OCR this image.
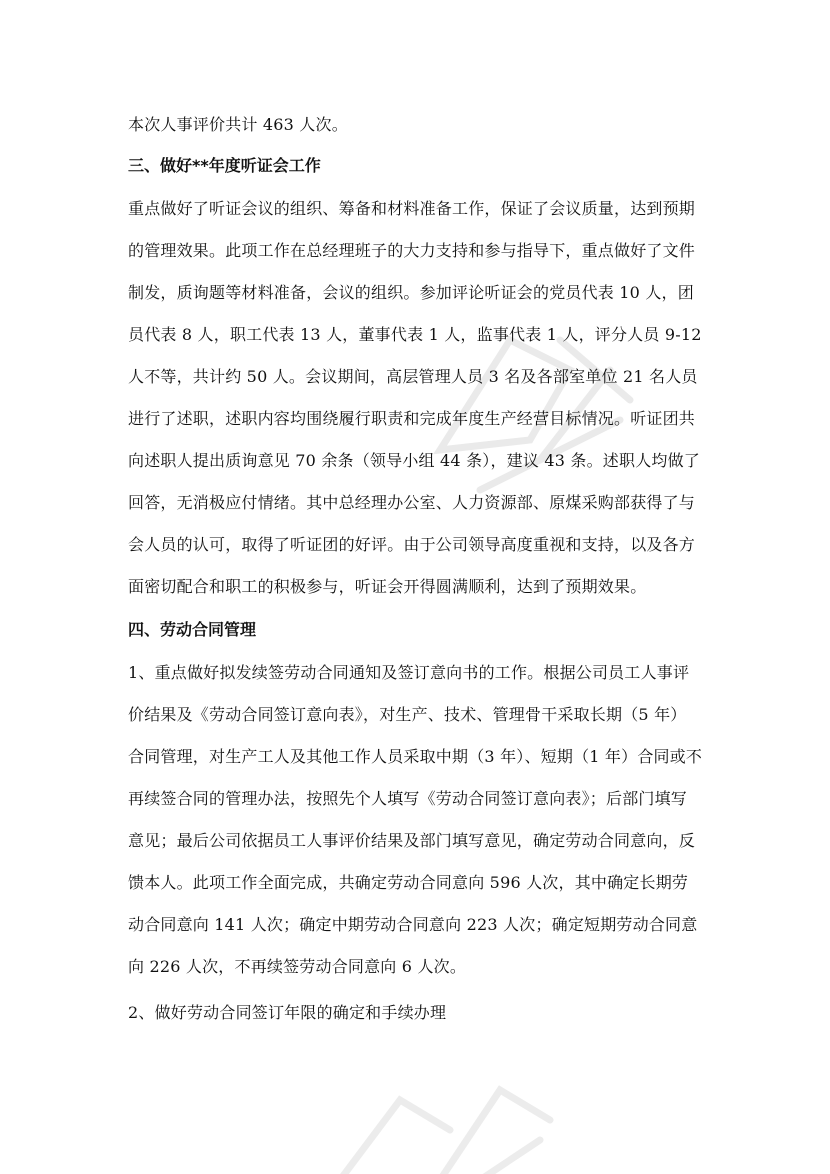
本次人事评价共计 463 人次。
三、做好**年度听证会工作
重点做好了听证会议的组织、筹备和材料准备工作，保证了会议质量，达到预期
的管理效果。此项工作在总经理班子的大力支持和参与指导下，重点做好了文件
制发，质询题等材料准备，会议的组织。参加评论听证会的党员代表 10 人，团
员代表 8 人，职工代表 13 人，董事代表 1 人，监事代表 1 人，评分人员 9-12
人不等，共计约 50 人。会议期间，高层管理人员 3 名及各部室单位 21 名人员
进行了述职，述职内容均围绕履行职责和完成年度生产经营目标情况。听证团共
向述职人提出质询意见 70 余条（领导小组 44 条），建议 43 条。述职人均做了
回答，无消极应付情绪。其中总经理办公室、人力资源部、原煤采购部获得了与
会人员的认可，取得了听证团的好评。由于公司领导高度重视和支持，以及各方
面密切配合和职工的积极参与，听证会开得圆满顺利，达到了预期效果。
四、劳动合同管理
1、重点做好拟发续签劳动合同通知及签订意向书的工作。根据公司员工人事评
价结果及《劳动合同签订意向表》，对生产、技术、管理骨干采取长期（5 年）
合同管理，对生产工人及其他工作人员采取中期（3 年）、短期（1 年）合同或不
再续签合同的管理办法，按照先个人填写《劳动合同签订意向表》；后部门填写
意见；最后公司依据员工人事评价结果及部门填写意见，确定劳动合同意向，反
馈本人。此项工作全面完成，共确定劳动合同意向 596 人次，其中确定长期劳
动合同意向 141 人次；确定中期劳动合同意向 223 人次；确定短期劳动合同意
向 226 人次，不再续签劳动合同意向 6 人次。
2、做好劳动合同签订年限的确定和手续办理
